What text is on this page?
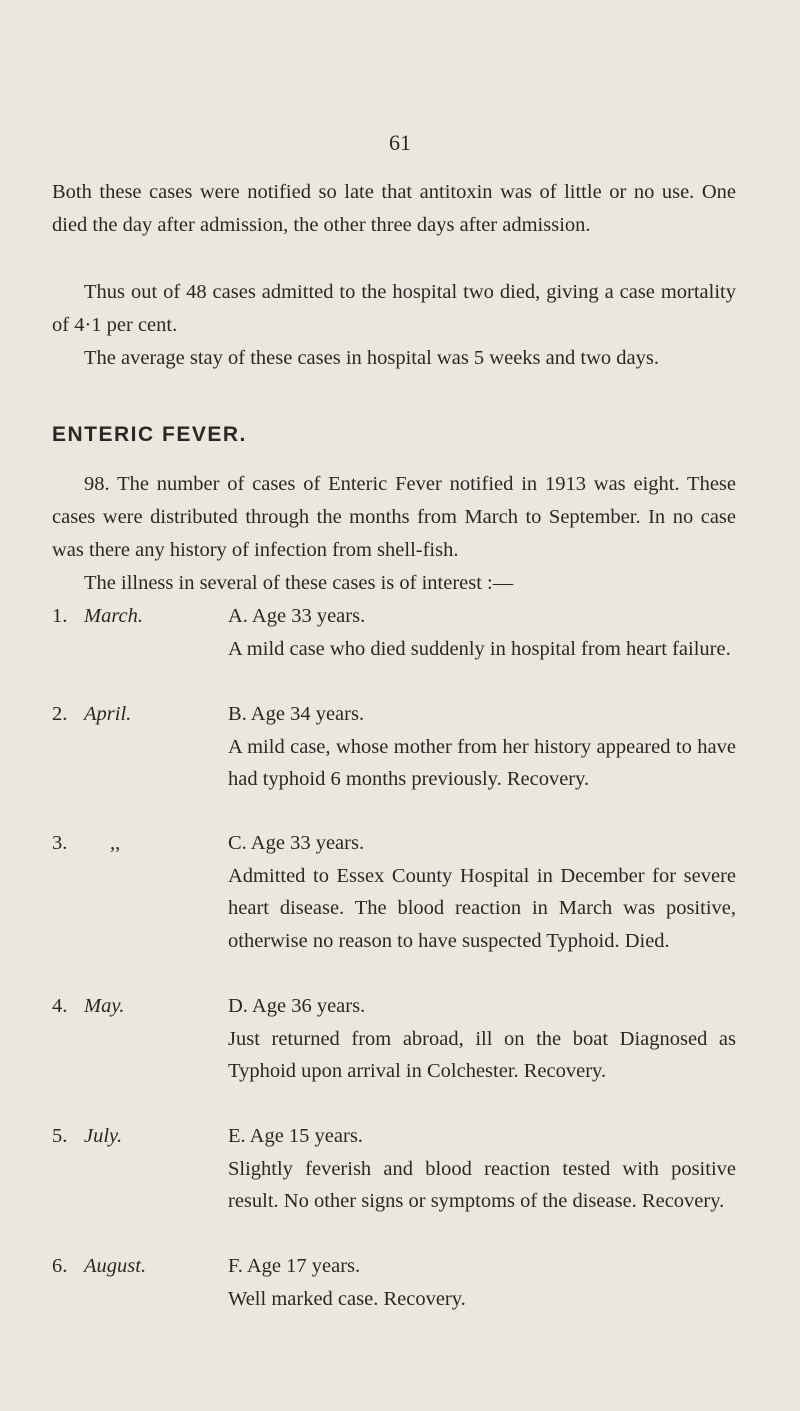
61

Both these cases were notified so late that antitoxin was of little or no use. One died the day after admission, the other three days after admission.

Thus out of 48 cases admitted to the hospital two died, giving a case mortality of 4·1 per cent.

The average stay of these cases in hospital was 5 weeks and two days.

ENTERIC FEVER.

98. The number of cases of Enteric Fever notified in 1913 was eight. These cases were distributed through the months from March to September. In no case was there any history of infection from shell-fish.

The illness in several of these cases is of interest :—

1. March.	A. Age 33 years.

A mild case who died suddenly in hospital from heart failure.

2. April.	B. Age 34 years.

A mild case, whose mother from her history appeared to have had typhoid 6 months previously. Recovery.

3.	,,	C. Age 33 years.

Admitted to Essex County Hospital in December for severe heart disease. The blood reaction in March was positive, otherwise no reason to have suspected Typhoid. Died.

4. May.	D. Age 36 years.

Just returned from abroad, ill on the boat Diagnosed as Typhoid upon arrival in Colchester. Recovery.

5. July.	E. Age 15 years.

Slightly feverish and blood reaction tested with positive result. No other signs or symptoms of the disease. Recovery.

6. August.	F. Age 17 years.

Well marked case. Recovery.
